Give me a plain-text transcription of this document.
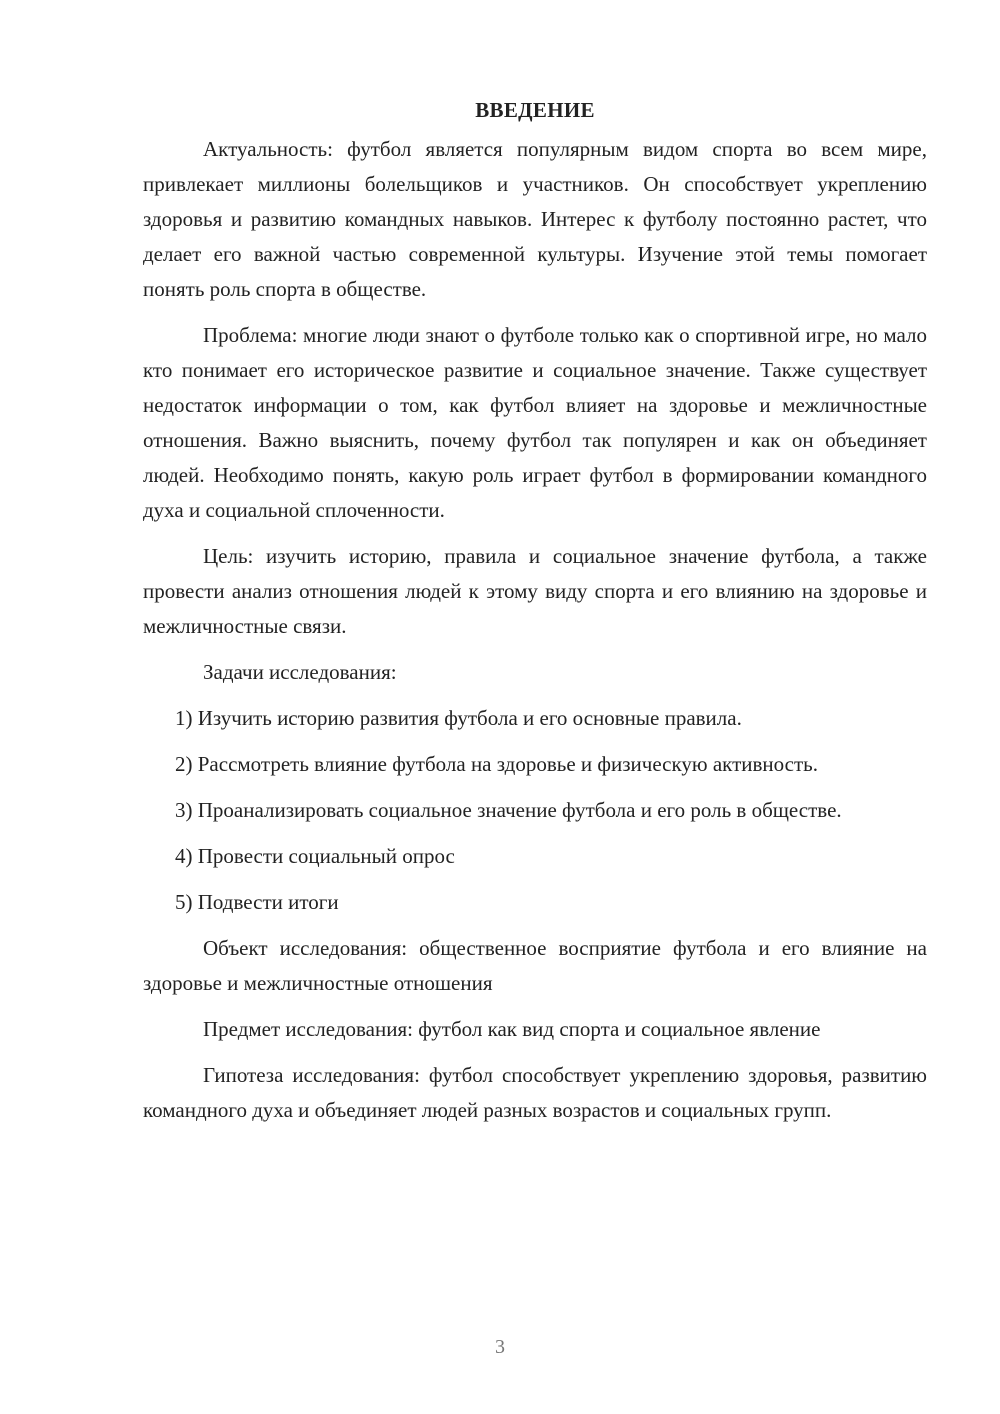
ВВЕДЕНИЕ

Актуальность: футбол является популярным видом спорта во всем мире, привлекает миллионы болельщиков и участников. Он способствует укреплению здоровья и развитию командных навыков. Интерес к футболу постоянно растет, что делает его важной частью современной культуры. Изучение этой темы помогает понять роль спорта в обществе.

Проблема: многие люди знают о футболе только как о спортивной игре, но мало кто понимает его историческое развитие и социальное значение. Также существует недостаток информации о том, как футбол влияет на здоровье и межличностные отношения. Важно выяснить, почему футбол так популярен и как он объединяет людей. Необходимо понять, какую роль играет футбол в формировании командного духа и социальной сплоченности.

Цель: изучить историю, правила и социальное значение футбола, а также провести анализ отношения людей к этому виду спорта и его влиянию на здоровье и межличностные связи.

Задачи исследования:

1) Изучить историю развития футбола и его основные правила.

2) Рассмотреть влияние футбола на здоровье и физическую активность.

3) Проанализировать социальное значение футбола и его роль в обществе.

4) Провести социальный опрос

5) Подвести итоги

Объект исследования: общественное восприятие футбола и его влияние на здоровье и межличностные отношения

Предмет исследования: футбол как вид спорта и социальное явление

Гипотеза исследования: футбол способствует укреплению здоровья, развитию командного духа и объединяет людей разных возрастов и социальных групп.

3
